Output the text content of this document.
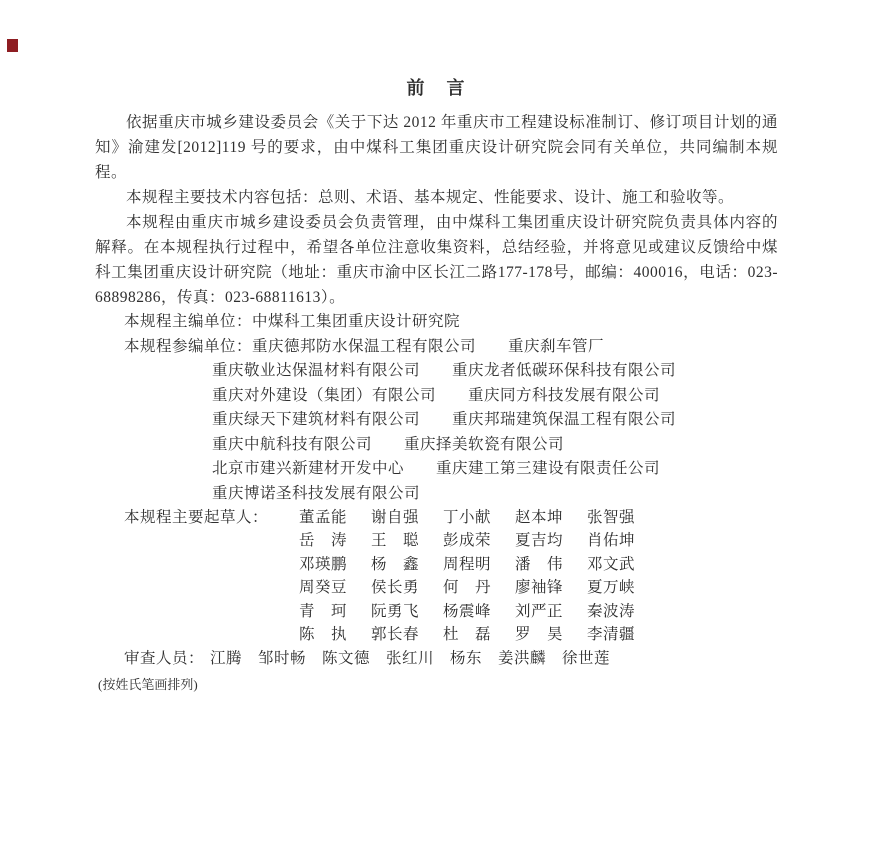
前　言

依据重庆市城乡建设委员会《关于下达 2012 年重庆市工程建设标准制订、修订项目计划的通知》渝建发[2012]119 号的要求，由中煤科工集团重庆设计研究院会同有关单位，共同编制本规程。

本规程主要技术内容包括：总则、术语、基本规定、性能要求、设计、施工和验收等。

本规程由重庆市城乡建设委员会负责管理，由中煤科工集团重庆设计研究院负责具体内容的解释。在本规程执行过程中，希望各单位注意收集资料，总结经验，并将意见或建议反馈给中煤科工集团重庆设计研究院（地址：重庆市渝中区长江二路177-178号，邮编：400016，电话：023-68898286，传真：023-68811613）。

本规程主编单位：中煤科工集团重庆设计研究院
本规程参编单位：重庆德邦防水保温工程有限公司　　重庆刹车管厂
重庆敬业达保温材料有限公司　　重庆龙者低碳环保科技有限公司
重庆对外建设（集团）有限公司　　重庆同方科技发展有限公司
重庆绿天下建筑材料有限公司　　重庆邦瑞建筑保温工程有限公司
重庆中航科技有限公司　　重庆择美软瓷有限公司
北京市建兴新建材开发中心　　重庆建工第三建设有限责任公司
重庆博诺圣科技发展有限公司
本规程主要起草人：	董孟能	谢自强	丁小献	赵本坤	张智强
岳　涛	王　聪	彭成荣	夏吉均	肖佑坤
邓瑛鹏	杨　鑫	周程明	潘　伟	邓文武
周癸豆	侯长勇	何　丹	廖袖锋	夏万峡
青　珂	阮勇飞	杨震峰	刘严正	秦波涛
陈　执	郭长春	杜　磊	罗　昊	李清疆
审查人员： 江腾　邹时畅　陈文德　张红川　杨东　姜洪麟　徐世莲
(按姓氏笔画排列)
